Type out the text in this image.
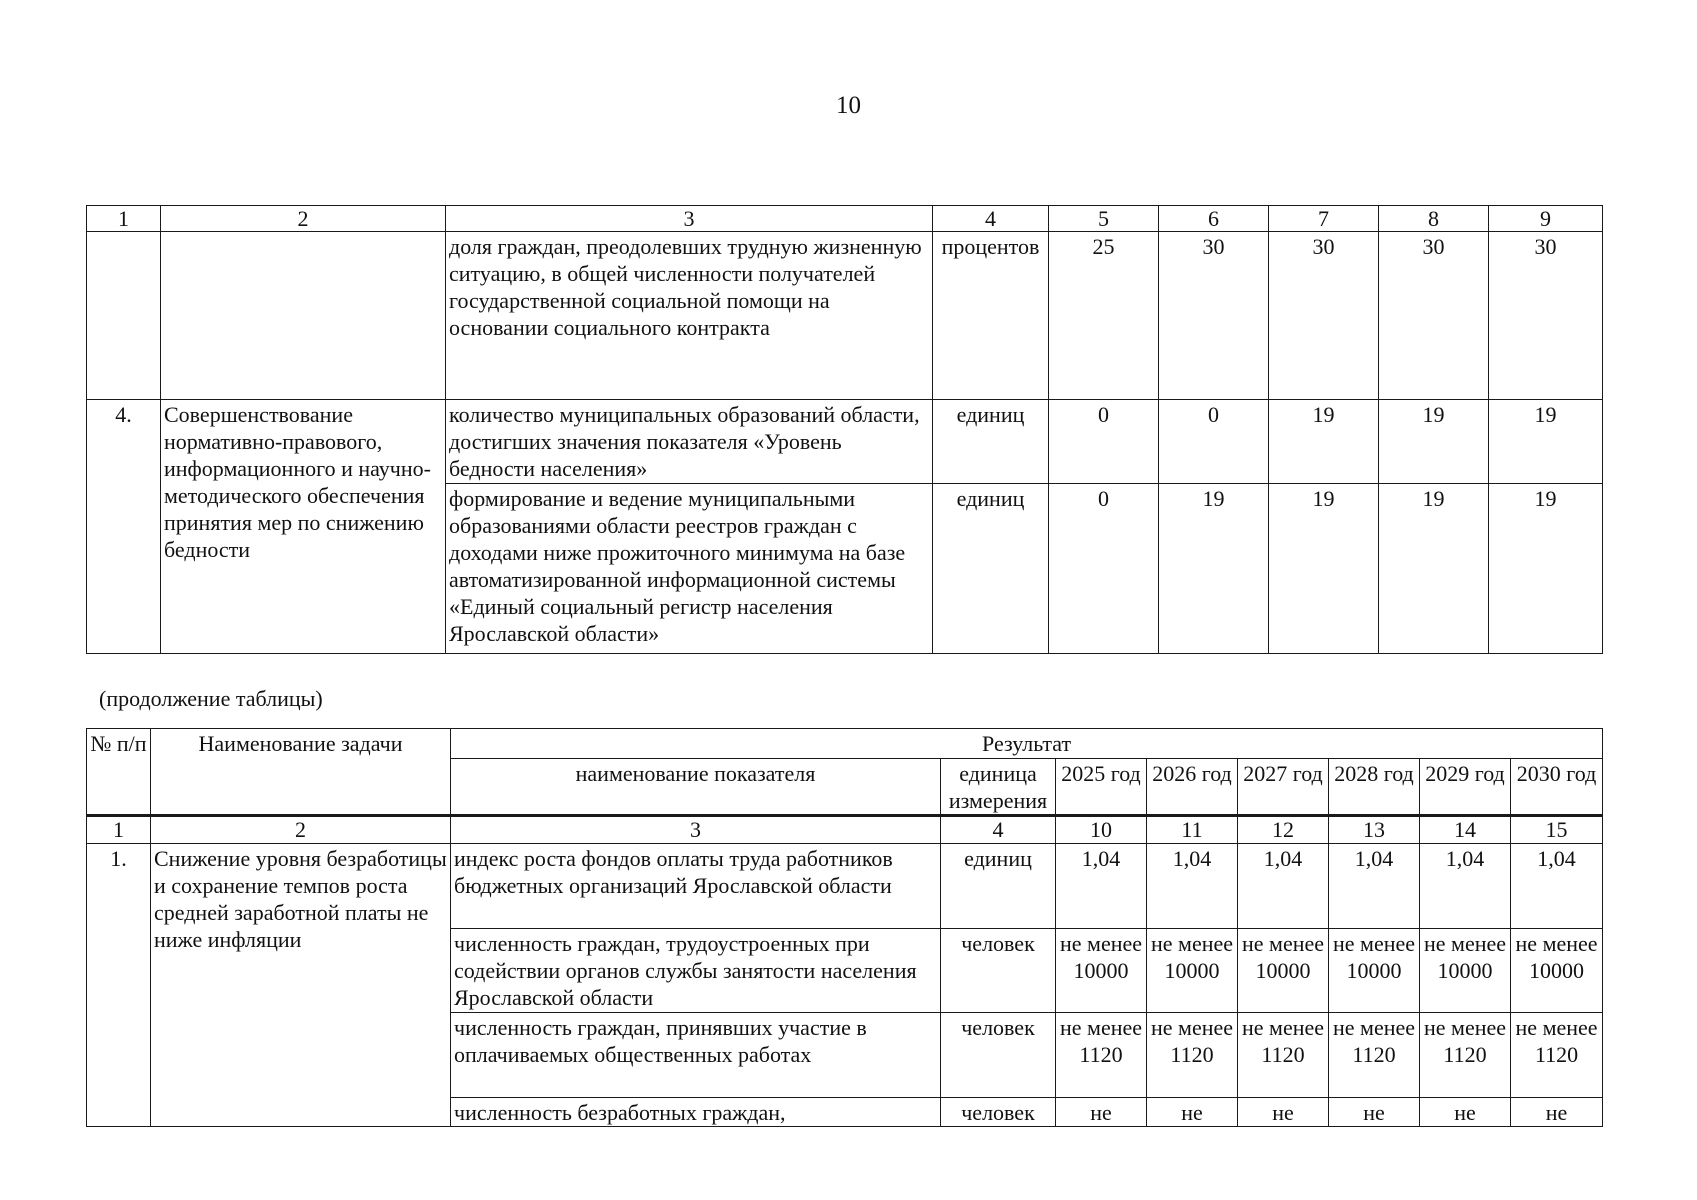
10
1	2	3	4	5	6	7	8	9
		доля граждан, преодолевших трудную жизненную ситуацию, в общей численности получателей государственной социальной помощи на основании социального контракта	процентов	25	30	30	30	30
4.	Совершенствование нормативно-правового, информационного и научно-методического обеспечения принятия мер по снижению бедности	количество муниципальных образований области, достигших значения показателя «Уровень бедности населения»	единиц	0	0	19	19	19
		формирование и ведение муниципальными образованиями области реестров граждан с доходами ниже прожиточного минимума на базе автоматизированной информационной системы «Единый социальный регистр населения Ярославской области»	единиц	0	19	19	19	19
(продолжение таблицы)
№ п/п	Наименование задачи	Результат							
		наименование показателя	единица измерения	2025 год	2026 год	2027 год	2028 год	2029 год	2030 год
1	2	3	4	10	11	12	13	14	15
1.	Снижение уровня безработицы и сохранение темпов роста средней заработной платы не ниже инфляции	индекс роста фондов оплаты труда работников бюджетных организаций Ярославской области	единиц	1,04	1,04	1,04	1,04	1,04	1,04
		численность граждан, трудоустроенных при содействии органов службы занятости населения Ярославской области	человек	не менее 10000	не менее 10000	не менее 10000	не менее 10000	не менее 10000	не менее 10000
		численность граждан, принявших участие в оплачиваемых общественных работах	человек	не менее 1120	не менее 1120	не менее 1120	не менее 1120	не менее 1120	не менее 1120
		численность безработных граждан,	человек	не	не	не	не	не	не
